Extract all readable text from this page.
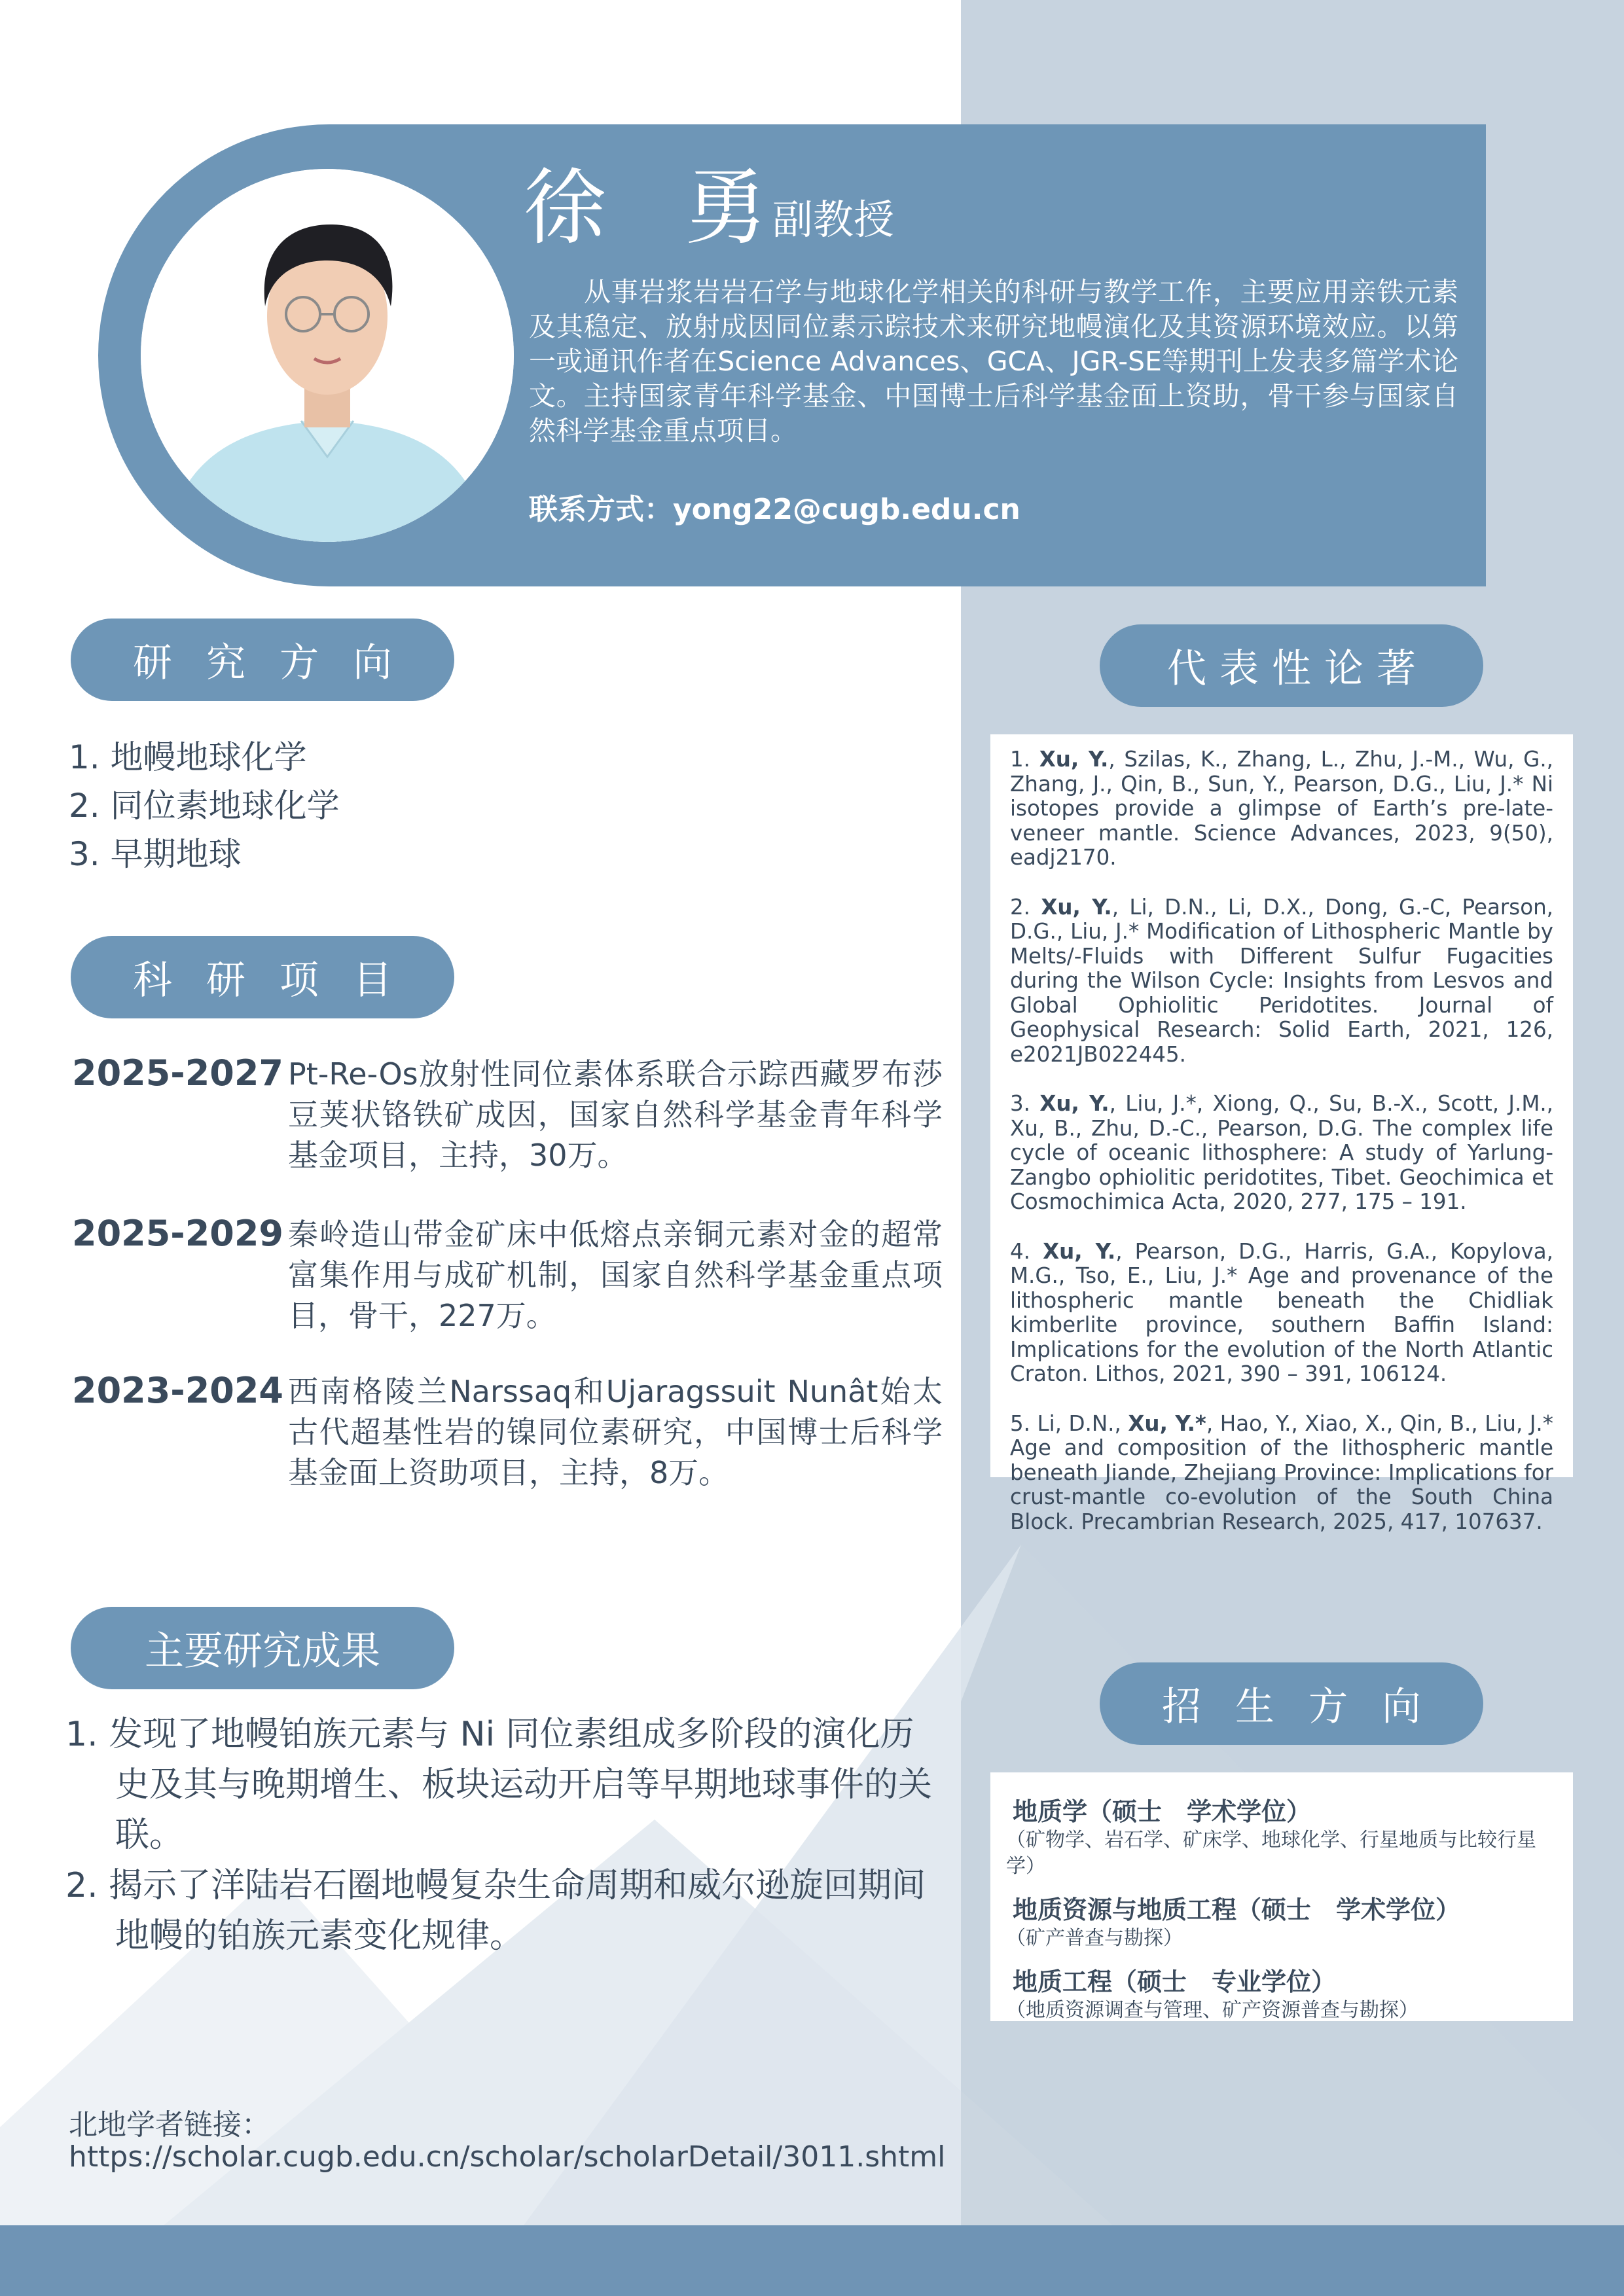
徐 勇
副教授

从事岩浆岩岩石学与地球化学相关的科研与教学工作，主要应用亲铁元素及其稳定、放射成因同位素示踪技术来研究地幔演化及其资源环境效应。以第一或通讯作者在Science Advances、GCA、JGR-SE等期刊上发表多篇学术论文。主持国家青年科学基金、中国博士后科学基金面上资助，骨干参与国家自然科学基金重点项目。

联系方式：yong22@cugb.edu.cn
研究方向
1. 地幔地球化学
2. 同位素地球化学
3. 早期地球
科研项目
2025-2027 Pt-Re-Os放射性同位素体系联合示踪西藏罗布莎豆荚状铬铁矿成因，国家自然科学基金青年科学基金项目，主持，30万。
2025-2029 秦岭造山带金矿床中低熔点亲铜元素对金的超常富集作用与成矿机制，国家自然科学基金重点项目，骨干，227万。
2023-2024 西南格陵兰Narssaq和Ujaragssuit Nunât始太古代超基性岩的镍同位素研究，中国博士后科学基金面上资助项目，主持，8万。
主要研究成果
1. 发现了地幔铂族元素与 Ni 同位素组成多阶段的演化历史及其与晚期增生、板块运动开启等早期地球事件的关联。
2. 揭示了洋陆岩石圈地幔复杂生命周期和威尔逊旋回期间地幔的铂族元素变化规律。
北地学者链接：
https://scholar.cugb.edu.cn/scholar/scholarDetail/3011.shtml
代表性论著

1. Xu, Y., Szilas, K., Zhang, L., Zhu, J.-M., Wu, G., Zhang, J., Qin, B., Sun, Y., Pearson, D.G., Liu, J.* Ni isotopes provide a glimpse of Earth’s pre-late-veneer mantle. Science Advances, 2023, 9(50), eadj2170.

2. Xu, Y., Li, D.N., Li, D.X., Dong, G.-C, Pearson, D.G., Liu, J.* Modification of Lithospheric Mantle by Melts/-Fluids with Different Sulfur Fugacities during the Wilson Cycle: Insights from Lesvos and Global Ophiolitic Peridotites. Journal of Geophysical Research: Solid Earth, 2021, 126, e2021JB022445.

3. Xu, Y., Liu, J.*, Xiong, Q., Su, B.-X., Scott, J.M., Xu, B., Zhu, D.-C., Pearson, D.G. The complex life cycle of oceanic lithosphere: A study of Yarlung-Zangbo ophiolitic peridotites, Tibet. Geochimica et Cosmochimica Acta, 2020, 277, 175 – 191.

4. Xu, Y., Pearson, D.G., Harris, G.A., Kopylova, M.G., Tso, E., Liu, J.* Age and provenance of the lithospheric mantle beneath the Chidliak kimberlite province, southern Baffin Island: Implications for the evolution of the North Atlantic Craton. Lithos, 2021, 390 – 391, 106124.

5. Li, D.N., Xu, Y.*, Hao, Y., Xiao, X., Qin, B., Liu, J.* Age and composition of the lithospheric mantle beneath Jiande, Zhejiang Province: Implications for crust-mantle co-evolution of the South China Block. Precambrian Research, 2025, 417, 107637.

招生方向
地质学（硕士　学术学位）
（矿物学、岩石学、矿床学、地球化学、行星地质与比较行星学）
地质资源与地质工程（硕士　学术学位）
（矿产普查与勘探）
地质工程（硕士　专业学位）
（地质资源调查与管理、矿产资源普查与勘探）
